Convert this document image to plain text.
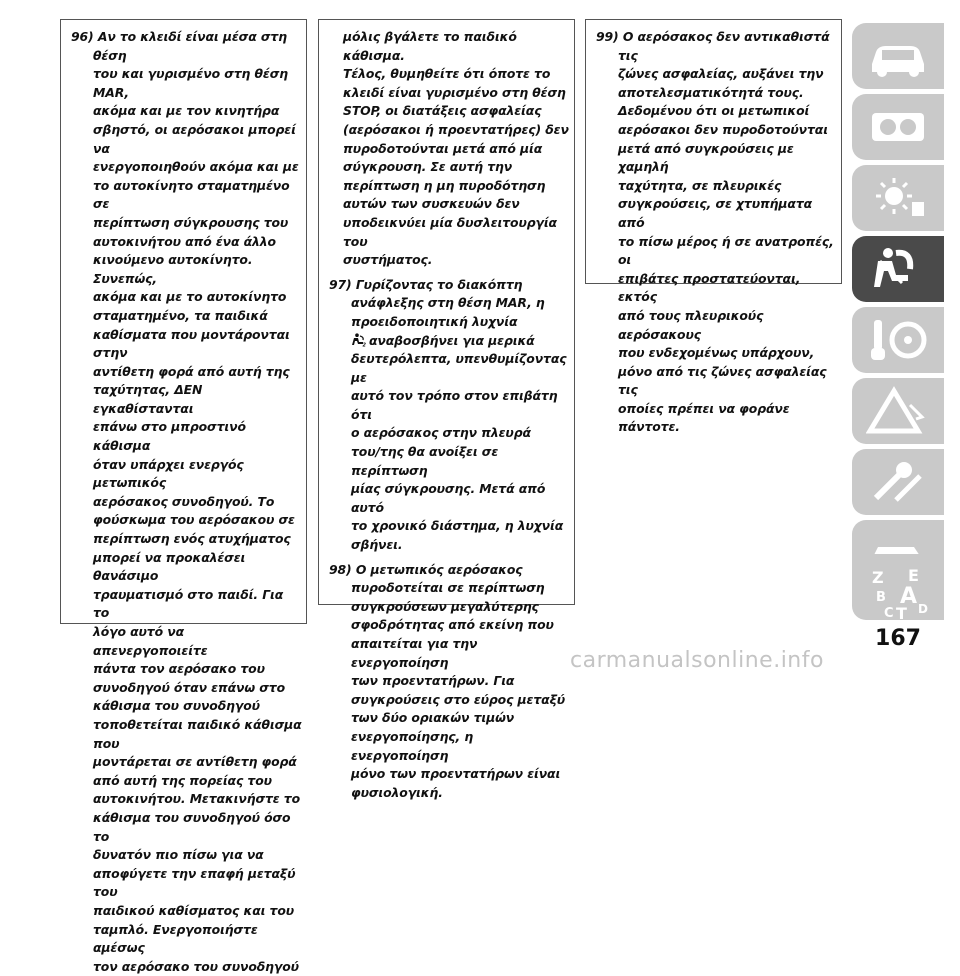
96) Αν το κλειδί είναι μέσα στη θέση
του και γυρισμένο στη θέση MAR,
ακόμα και με τον κινητήρα
σβηστό, οι αερόσακοι μπορεί να
ενεργοποιηθούν ακόμα και με
το αυτοκίνητο σταματημένο σε
περίπτωση σύγκρουσης του
αυτοκινήτου από ένα άλλο
κινούμενο αυτοκίνητο. Συνεπώς,
ακόμα και με το αυτοκίνητο
σταματημένο, τα παιδικά
καθίσματα που μοντάρονται στην
αντίθετη φορά από αυτή της
ταχύτητας, ΔΕΝ εγκαθίστανται
επάνω στο μπροστινό κάθισμα
όταν υπάρχει ενεργός μετωπικός
αερόσακος συνοδηγού. Το
φούσκωμα του αερόσακου σε
περίπτωση ενός ατυχήματος
μπορεί να προκαλέσει θανάσιμο
τραυματισμό στο παιδί. Για το
λόγο αυτό να απενεργοποιείτε
πάντα τον αερόσακο του
συνοδηγού όταν επάνω στο
κάθισμα του συνοδηγού
τοποθετείται παιδικό κάθισμα που
μοντάρεται σε αντίθετη φορά
από αυτή της πορείας του
αυτοκινήτου. Μετακινήστε το
κάθισμα του συνοδηγού όσο το
δυνατόν πιο πίσω για να
αποφύγετε την επαφή μεταξύ του
παιδικού καθίσματος και του
ταμπλό. Ενεργοποιήστε αμέσως
τον αερόσακο του συνοδηγού

μόλις βγάλετε το παιδικό κάθισμα.
Τέλος, θυμηθείτε ότι όποτε το
κλειδί είναι γυρισμένο στη θέση
STOP, οι διατάξεις ασφαλείας
(αερόσακοι ή προεντατήρες) δεν
πυροδοτούνται μετά από μία
σύγκρουση. Σε αυτή την
περίπτωση η μη πυροδότηση
αυτών των συσκευών δεν
υποδεικνύει μία δυσλειτουργία του
συστήματος.

97) Γυρίζοντας το διακόπτη
ανάφλεξης στη θέση MAR, η
προειδοποιητική λυχνία

2 αναβοσβήνει για μερικά
δευτερόλεπτα, υπενθυμίζοντας με
αυτό τον τρόπο στον επιβάτη ότι
ο αερόσακος στην πλευρά
του/της θα ανοίξει σε περίπτωση
μίας σύγκρουσης. Μετά από αυτό
το χρονικό διάστημα, η λυχνία
σβήνει.

98) Ο μετωπικός αερόσακος
πυροδοτείται σε περίπτωση
συγκρούσεων μεγαλύτερης
σφοδρότητας από εκείνη που
απαιτείται για την ενεργοποίηση
των προεντατήρων. Για
συγκρούσεις στο εύρος μεταξύ
των δύο οριακών τιμών
ενεργοποίησης, η ενεργοποίηση
μόνο των προεντατήρων είναι
φυσιολογική.

99) Ο αερόσακος δεν αντικαθιστά τις
ζώνες ασφαλείας, αυξάνει την
αποτελεσματικότητά τους.
Δεδομένου ότι οι μετωπικοί
αερόσακοι δεν πυροδοτούνται
μετά από συγκρούσεις με χαμηλή
ταχύτητα, σε πλευρικές
συγκρούσεις, σε χτυπήματα από
το πίσω μέρος ή σε ανατροπές, οι
επιβάτες προστατεύονται, εκτός
από τους πλευρικούς αερόσακους
που ενδεχομένως υπάρχουν,
μόνο από τις ζώνες ασφαλείας τις
οποίες πρέπει να φοράνε
πάντοτε.

Z E
B A
C T D
167
carmanualsonline.info
